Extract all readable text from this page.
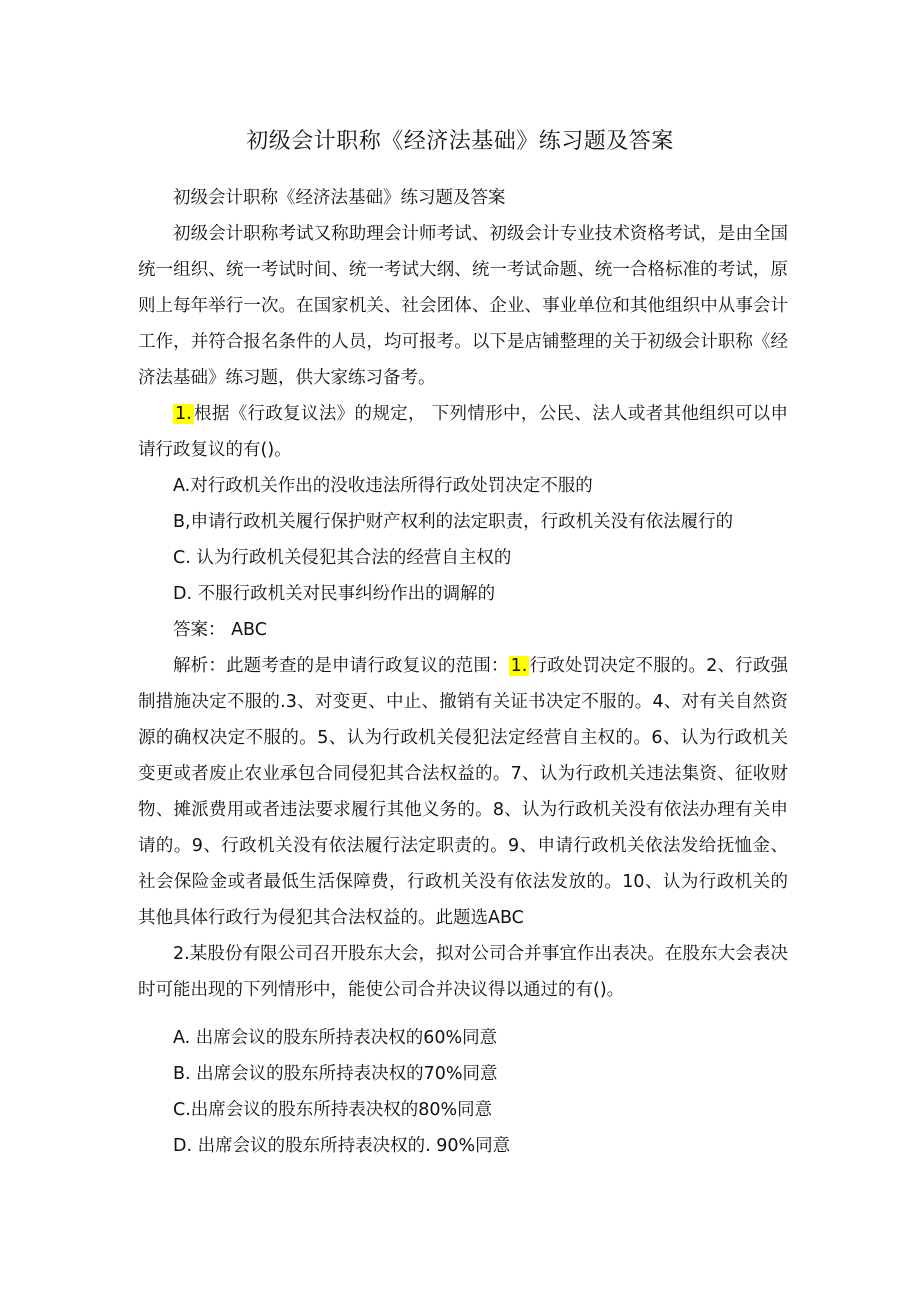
初级会计职称《经济法基础》练习题及答案

初级会计职称《经济法基础》练习题及答案

初级会计职称考试又称助理会计师考试、初级会计专业技术资格考试，是由全国统一组织、统一考试时间、统一考试大纲、统一考试命题、统一合格标准的考试，原则上每年举行一次。在国家机关、社会团体、企业、事业单位和其他组织中从事会计工作，并符合报名条件的人员，均可报考。以下是店铺整理的关于初级会计职称《经济法基础》练习题，供大家练习备考。

1. 根据《行政复议法》的规定， 下列情形中，公民、法人或者其他组织可以申请行政复议的有()。

A.对行政机关作出的没收违法所得行政处罚决定不服的

B,申请行政机关履行保护财产权利的法定职责，行政机关没有依法履行的

C. 认为行政机关侵犯其合法的经营自主权的

D. 不服行政机关对民事纠纷作出的调解的

答案： ABC

解析：此题考查的是申请行政复议的范围： 1. 行政处罚决定不服的。2、行政强制措施决定不服的.3、对变更、中止、撤销有关证书决定不服的。4、对有关自然资源的确权决定不服的。5、认为行政机关侵犯法定经营自主权的。6、认为行政机关变更或者废止农业承包合同侵犯其合法权益的。7、认为行政机关违法集资、征收财物、摊派费用或者违法要求履行其他义务的。8、认为行政机关没有依法办理有关申请的。9、行政机关没有依法履行法定职责的。9、申请行政机关依法发给抚恤金、社会保险金或者最低生活保障费，行政机关没有依法发放的。10、认为行政机关的其他具体行政行为侵犯其合法权益的。此题选ABC

2.某股份有限公司召开股东大会，拟对公司合并事宜作出表决。在股东大会表决时可能出现的下列情形中，能使公司合并决议得以通过的有()。

A. 出席会议的股东所持表决权的60%同意

B. 出席会议的股东所持表决权的70%同意

C.出席会议的股东所持表决权的80%同意

D. 出席会议的股东所持表决权的. 90%同意
